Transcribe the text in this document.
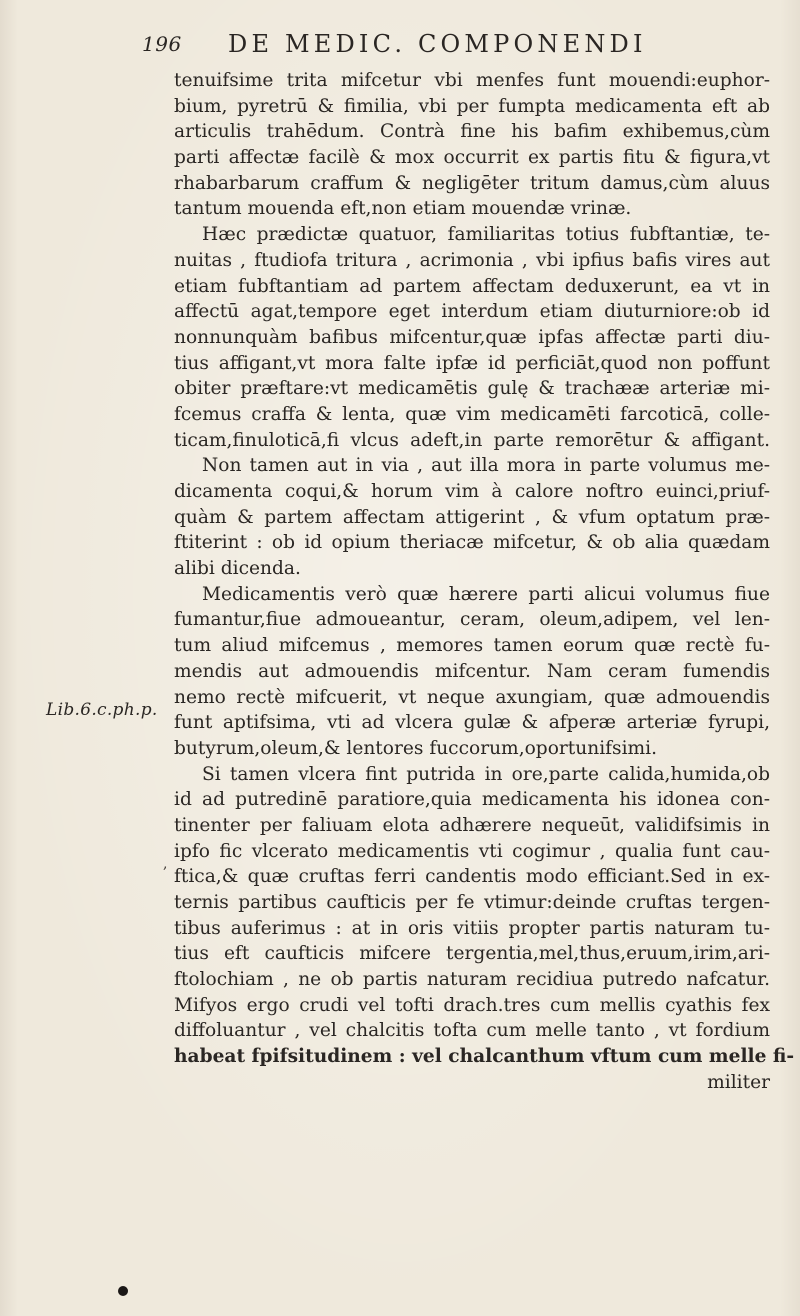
196 DE MEDIC. COMPONENDI
Lib.6.c.ph.p.
tenuifsime trita mifcetur vbi menfes funt mouendi:euphor-
bium, pyretrū & fimilia, vbi per fumpta medicamenta eft ab
articulis trahēdum. Contrà fine his bafim exhibemus,cùm
parti affectæ facilè & mox occurrit ex partis fitu & figura,vt
rhabarbarum craffum & negligēter tritum damus,cùm aluus
tantum mouenda eft,non etiam mouendæ vrinæ.
Hæc prædictæ quatuor, familiaritas totius fubftantiæ, te-
nuitas , ftudiofa tritura , acrimonia , vbi ipfius bafis vires aut
etiam fubftantiam ad partem affectam deduxerunt, ea vt in
affectū agat,tempore eget interdum etiam diuturniore:ob id
nonnunquàm bafibus mifcentur,quæ ipfas affectæ parti diu-
tius affigant,vt mora falte ipfæ id perficiāt,quod non poffunt
obiter præftare:vt medicamētis gulę & trachææ arteriæ mi-
fcemus craffa & lenta, quæ vim medicamēti farcoticā, colle-
ticam,finuloticā,fi vlcus adeft,in parte remorētur & affigant.
Non tamen aut in via , aut illa mora in parte volumus me-
dicamenta coqui,& horum vim à calore noftro euinci,priuf-
quàm & partem affectam attigerint , & vfum optatum præ-
ftiterint : ob id opium theriacæ mifcetur, & ob alia quædam
alibi dicenda.
Medicamentis verò quæ hærere parti alicui volumus fiue
fumantur,fiue admoueantur, ceram, oleum,adipem, vel len-
tum aliud mifcemus , memores tamen eorum quæ rectè fu-
mendis aut admouendis mifcentur. Nam ceram fumendis
nemo rectè mifcuerit, vt neque axungiam, quæ admouendis
funt aptifsima, vti ad vlcera gulæ & afperæ arteriæ fyrupi,
butyrum,oleum,& lentores fuccorum,oportunifsimi.
Si tamen vlcera fint putrida in ore,parte calida,humida,ob
id ad putredinē paratiore,quia medicamenta his idonea con-
tinenter per faliuam elota adhærere nequeūt, validifsimis in
ipfo fic vlcerato medicamentis vti cogimur , qualia funt cau-
ftica,& quæ cruftas ferri candentis modo efficiant.Sed in ex-
ternis partibus caufticis per fe vtimur:deinde cruftas tergen-
tibus auferimus : at in oris vitiis propter partis naturam tu-
tius eft caufticis mifcere tergentia,mel,thus,eruum,irim,ari-
ftolochiam , ne ob partis naturam recidiua putredo nafcatur.
Mifyos ergo crudi vel tofti drach.tres cum mellis cyathis fex
diffoluantur , vel chalcitis tofta cum melle tanto , vt fordium
habeat fpifsitudinem : vel chalcanthum vftum cum melle fi-
militer
,
